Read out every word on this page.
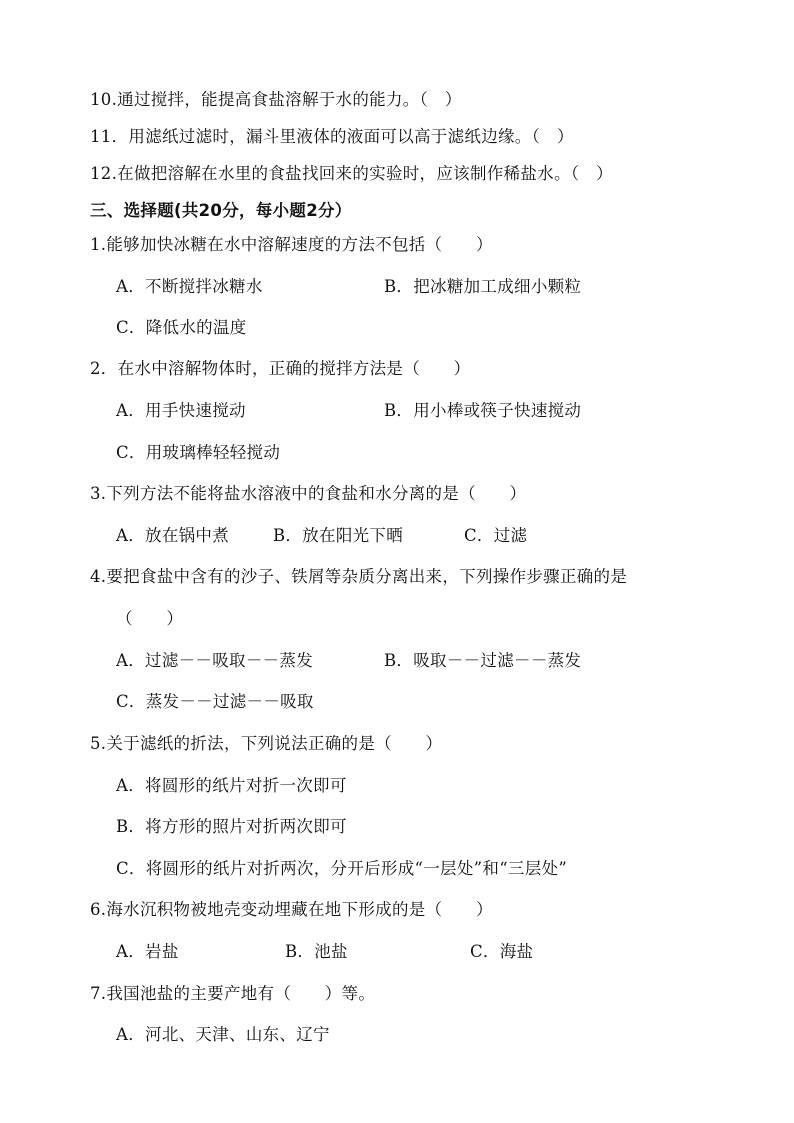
10.通过搅拌，能提高食盐溶解于水的能力。（　）
11．用滤纸过滤时，漏斗里液体的液面可以高于滤纸边缘。（　）
12.在做把溶解在水里的食盐找回来的实验时，应该制作稀盐水。（　）
三、选择题(共20分，每小题2分）
1.能够加快冰糖在水中溶解速度的方法不包括（　　）
A．不断搅拌冰糖水	B．把冰糖加工成细小颗粒
C．降低水的温度
2．在水中溶解物体时，正确的搅拌方法是（　　）
A．用手快速搅动	B．用小棒或筷子快速搅动
C．用玻璃棒轻轻搅动
3.下列方法不能将盐水溶液中的食盐和水分离的是（　　）
A．放在锅中煮	B．放在阳光下晒	C．过滤
4.要把食盐中含有的沙子、铁屑等杂质分离出来，下列操作步骤正确的是
（　　）
A．过滤－－吸取－－蒸发	B．吸取－－过滤－－蒸发
C．蒸发－－过滤－－吸取
5.关于滤纸的折法，下列说法正确的是（　　）
A．将圆形的纸片对折一次即可
B．将方形的照片对折两次即可
C．将圆形的纸片对折两次，分开后形成“一层处”和“三层处”
6.海水沉积物被地壳变动埋藏在地下形成的是（　　）
A．岩盐	B．池盐	C．海盐
7.我国池盐的主要产地有（　　）等。
A．河北、天津、山东、辽宁
